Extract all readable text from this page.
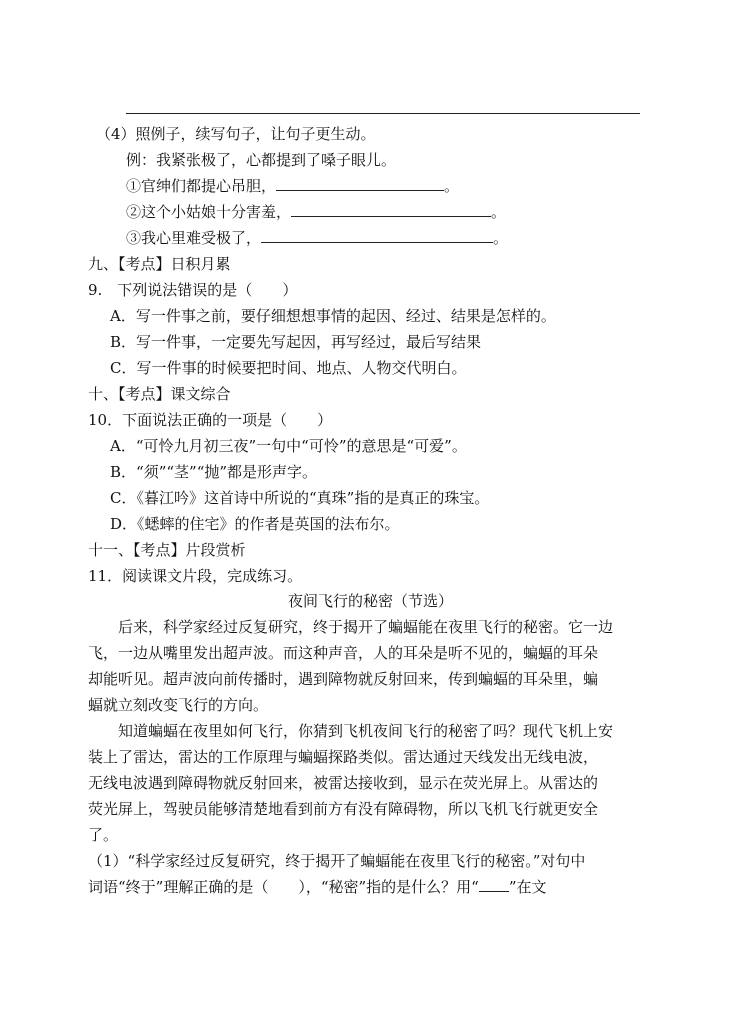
（4）照例子，续写句子，让句子更生动。
例：我紧张极了，心都提到了嗓子眼儿。
①官绅们都提心吊胆，	。
②这个小姑娘十分害羞，	。
③我心里难受极了，	。
九、【考点】日积月累
9.　下列说法错误的是（　　）
A．写一件事之前，要仔细想想事情的起因、经过、结果是怎样的。
B．写一件事，一定要先写起因，再写经过，最后写结果
C．写一件事的时候要把时间、地点、人物交代明白。
十、【考点】课文综合
10．下面说法正确的一项是（　　）
A．“可怜九月初三夜”一句中“可怜”的意思是“可爱”。
B．“须”“茎”“抛”都是形声字。
C．《暮江吟》这首诗中所说的“真珠”指的是真正的珠宝。
D．《蟋蟀的住宅》的作者是英国的法布尔。
十一、【考点】片段赏析
11．阅读课文片段，完成练习。
夜间飞行的秘密（节选）
　　后来，科学家经过反复研究，终于揭开了蝙蝠能在夜里飞行的秘密。它一边
飞，一边从嘴里发出超声波。而这种声音，人的耳朵是听不见的，蝙蝠的耳朵
却能听见。超声波向前传播时，遇到障物就反射回来，传到蝙蝠的耳朵里，蝙
蝠就立刻改变飞行的方向。
　　知道蝙蝠在夜里如何飞行，你猜到飞机夜间飞行的秘密了吗？现代飞机上安
装上了雷达，雷达的工作原理与蝙蝠探路类似。雷达通过天线发出无线电波，
无线电波遇到障碍物就反射回来，被雷达接收到，显示在荧光屏上。从雷达的
荧光屏上，驾驶员能够清楚地看到前方有没有障碍物，所以飞机飞行就更安全
了。
（1）“科学家经过反复研究，终于揭开了蝙蝠能在夜里飞行的秘密。”对句中
词语“终于”理解正确的是（　　），“秘密”指的是什么？用“ ”在文
